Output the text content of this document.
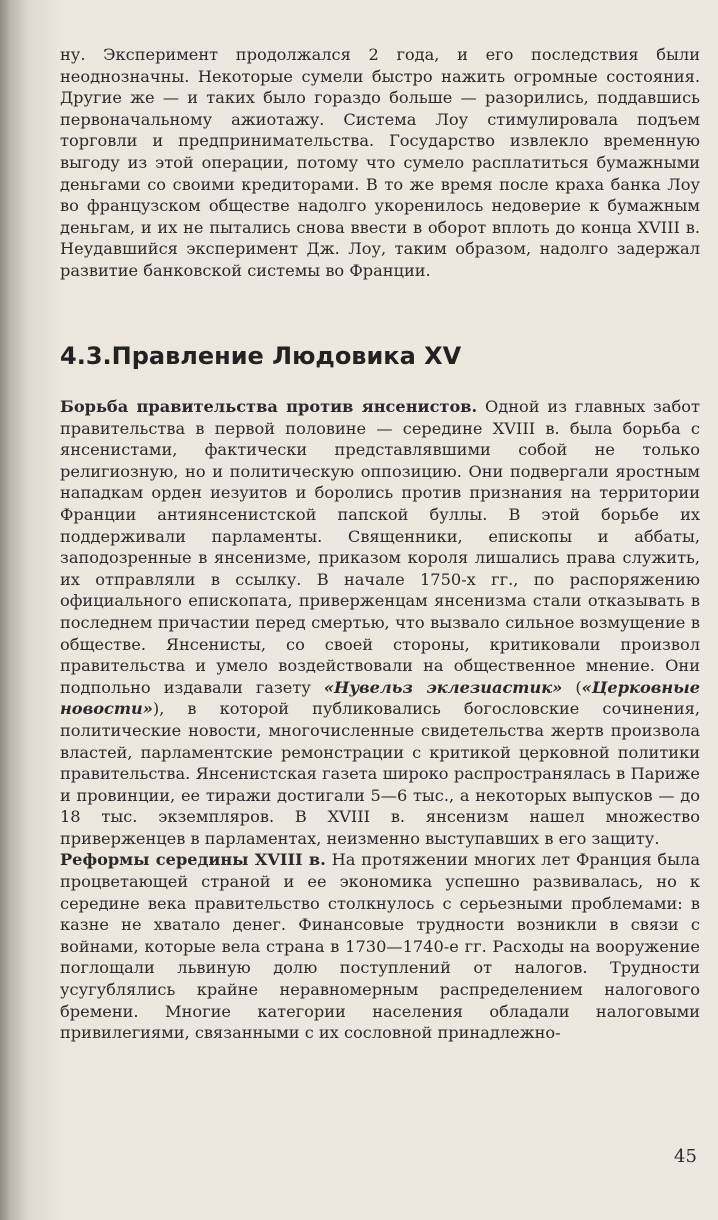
ну. Эксперимент продолжался 2 года, и его последствия были неоднозначны. Некоторые сумели быстро нажить огромные состояния. Другие же — и таких было гораздо больше — разорились, поддавшись первоначальному ажиотажу. Система Лоу стимулировала подъем торговли и предпринимательства. Государство извлекло временную выгоду из этой операции, потому что сумело расплатиться бумажными деньгами со своими кредиторами. В то же время после краха банка Лоу во французском обществе надолго укоренилось недоверие к бумажным деньгам, и их не пытались снова ввести в оборот вплоть до конца XVIII в. Неудавшийся эксперимент Дж. Лоу, таким образом, надолго задержал развитие банковской системы во Франции.

4.3.Правление Людовика XV

Борьба правительства против янсенистов. Одной из главных забот правительства в первой половине — середине XVIII в. была борьба с янсенистами, фактически представлявшими собой не только религиозную, но и политическую оппозицию. Они подвергали яростным нападкам орден иезуитов и боролись против признания на территории Франции антиянсенистской папской буллы. В этой борьбе их поддерживали парламенты. Священники, епископы и аббаты, заподозренные в янсенизме, приказом короля лишались права служить, их отправляли в ссылку. В начале 1750-х гг., по распоряжению официального епископата, приверженцам янсенизма стали отказывать в последнем причастии перед смертью, что вызвало сильное возмущение в обществе. Янсенисты, со своей стороны, критиковали произвол правительства и умело воздействовали на общественное мнение. Они подпольно издавали газету «Нувельз эклезиастик» («Церковные новости»), в которой публиковались богословские сочинения, политические новости, многочисленные свидетельства жертв произвола властей, парламентские ремонстрации с критикой церковной политики правительства. Янсенистская газета широко распространялась в Париже и провинции, ее тиражи достигали 5—6 тыс., а некоторых выпусков — до 18 тыс. экземпляров. В XVIII в. янсенизм нашел множество приверженцев в парламентах, неизменно выступавших в его защиту.

Реформы середины XVIII в. На протяжении многих лет Франция была процветающей страной и ее экономика успешно развивалась, но к середине века правительство столкнулось с серьезными проблемами: в казне не хватало денег. Финансовые трудности возникли в связи с войнами, которые вела страна в 1730—1740-е гг. Расходы на вооружение поглощали львиную долю поступлений от налогов. Трудности усугублялись крайне неравномерным распределением налогового бремени. Многие категории населения обладали налоговыми привилегиями, связанными с их сословной принадлежно-

45
